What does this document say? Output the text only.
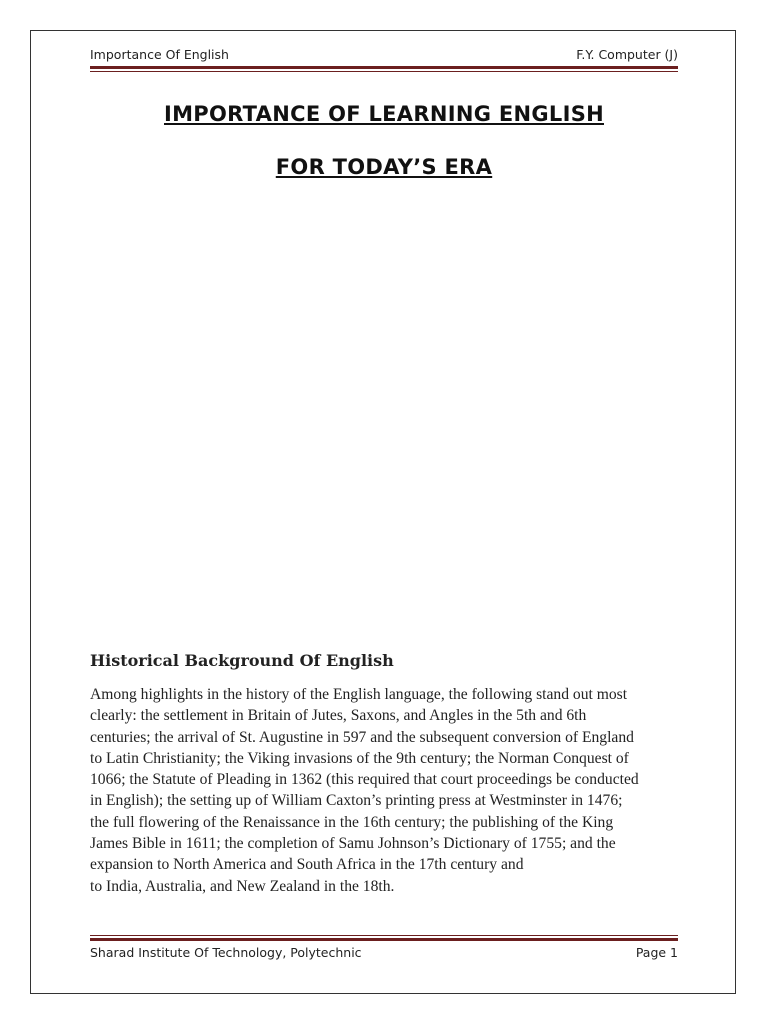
Importance Of English	F.Y. Computer (J)
IMPORTANCE OF LEARNING ENGLISH
FOR TODAY’S ERA
Historical Background Of English
Among highlights in the history of the English language, the following stand out most
clearly: the settlement in Britain of Jutes, Saxons, and Angles in the 5th and 6th
centuries; the arrival of St. Augustine in 597 and the subsequent conversion of England
to Latin Christianity; the Viking invasions of the 9th century; the Norman Conquest of
1066; the Statute of Pleading in 1362 (this required that court proceedings be conducted
in English); the setting up of William Caxton’s printing press at Westminster in 1476;
the full flowering of the Renaissance in the 16th century; the publishing of the King
James Bible in 1611; the completion of Samu Johnson’s Dictionary of 1755; and the
expansion to North America and South Africa in the 17th century and
to India, Australia, and New Zealand in the 18th.
Sharad Institute Of Technology, Polytechnic	Page 1
